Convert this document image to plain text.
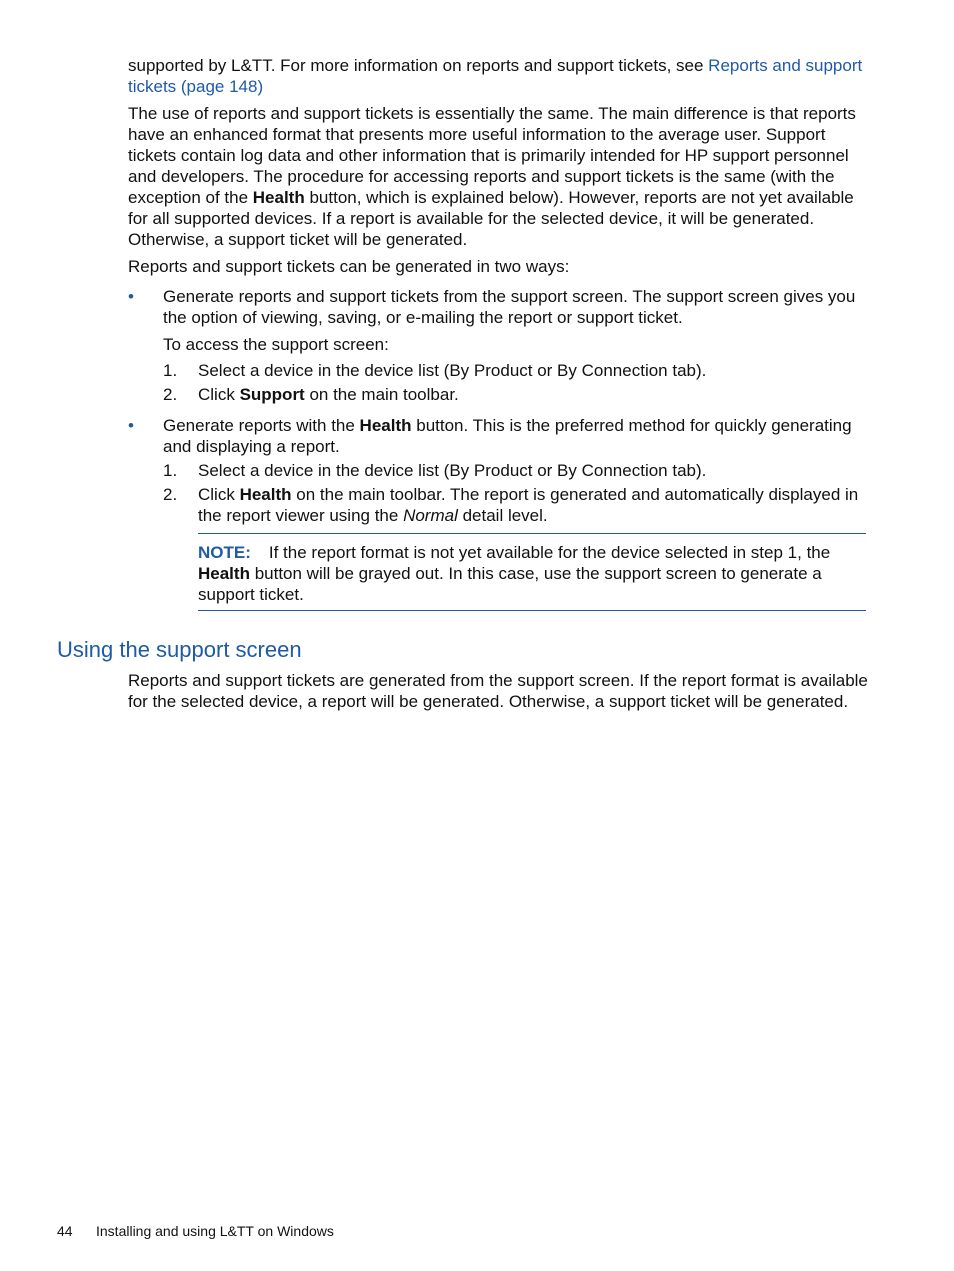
supported by L&TT. For more information on reports and support tickets, see Reports and support tickets (page 148)

The use of reports and support tickets is essentially the same. The main difference is that reports have an enhanced format that presents more useful information to the average user. Support tickets contain log data and other information that is primarily intended for HP support personnel and developers. The procedure for accessing reports and support tickets is the same (with the exception of the Health button, which is explained below). However, reports are not yet available for all supported devices. If a report is available for the selected device, it will be generated. Otherwise, a support ticket will be generated.

Reports and support tickets can be generated in two ways:

• Generate reports and support tickets from the support screen. The support screen gives you the option of viewing, saving, or e-mailing the report or support ticket.

To access the support screen:

1. Select a device in the device list (By Product or By Connection tab).

2. Click Support on the main toolbar.

• Generate reports with the Health button. This is the preferred method for quickly generating and displaying a report.

1. Select a device in the device list (By Product or By Connection tab).

2. Click Health on the main toolbar. The report is generated and automatically displayed in the report viewer using the Normal detail level.

NOTE: If the report format is not yet available for the device selected in step 1, the Health button will be grayed out. In this case, use the support screen to generate a support ticket.
Using the support screen

Reports and support tickets are generated from the support screen. If the report format is available for the selected device, a report will be generated. Otherwise, a support ticket will be generated.

44 Installing and using L&TT on Windows
